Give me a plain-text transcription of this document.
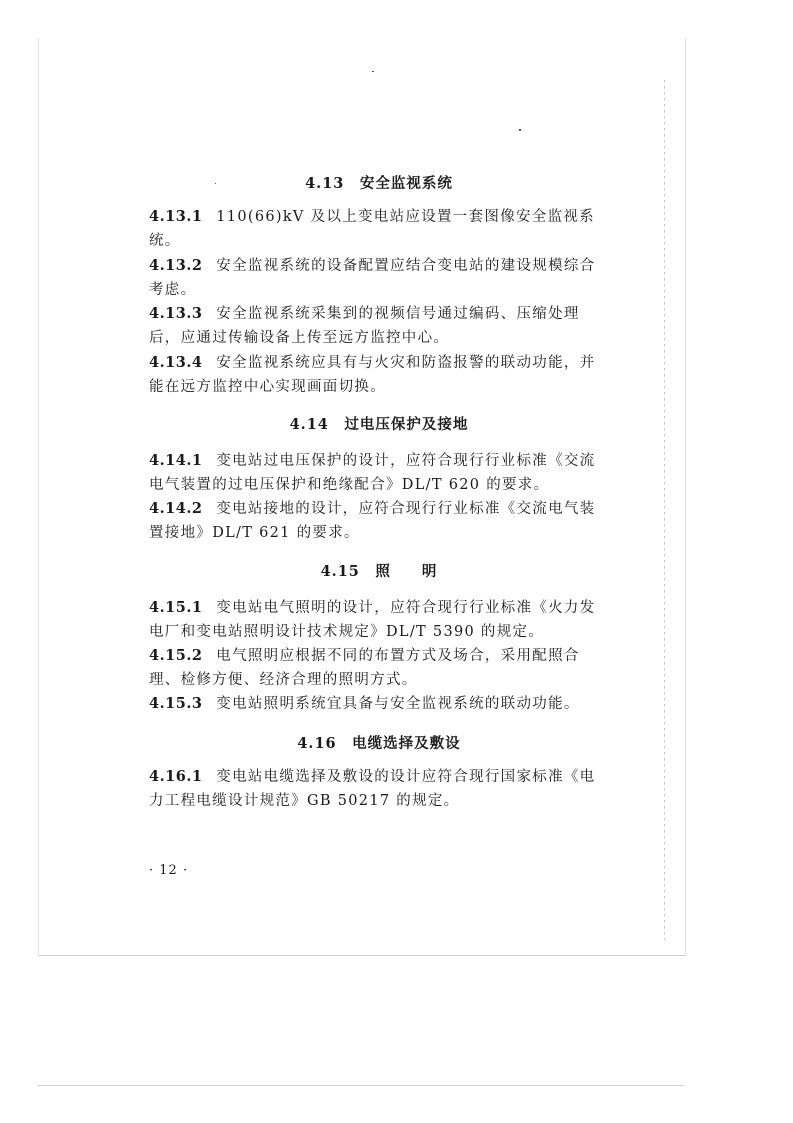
4.13　安全监视系统
4.13.1 110(66)kV 及以上变电站应设置一套图像安全监视系统。
4.13.2 安全监视系统的设备配置应结合变电站的建设规模综合考虑。
4.13.3 安全监视系统采集到的视频信号通过编码、压缩处理后，应通过传输设备上传至远方监控中心。
4.13.4 安全监视系统应具有与火灾和防盗报警的联动功能，并能在远方监控中心实现画面切换。
4.14　过电压保护及接地
4.14.1 变电站过电压保护的设计，应符合现行行业标准《交流电气装置的过电压保护和绝缘配合》DL/T 620 的要求。
4.14.2 变电站接地的设计，应符合现行行业标准《交流电气装置接地》DL/T 621 的要求。
4.15　照　　明
4.15.1 变电站电气照明的设计，应符合现行行业标准《火力发电厂和变电站照明设计技术规定》DL/T 5390 的规定。
4.15.2 电气照明应根据不同的布置方式及场合，采用配照合理、检修方便、经济合理的照明方式。
4.15.3 变电站照明系统宜具备与安全监视系统的联动功能。
4.16　电缆选择及敷设
4.16.1 变电站电缆选择及敷设的设计应符合现行国家标准《电力工程电缆设计规范》GB 50217 的规定。
· 12 ·
